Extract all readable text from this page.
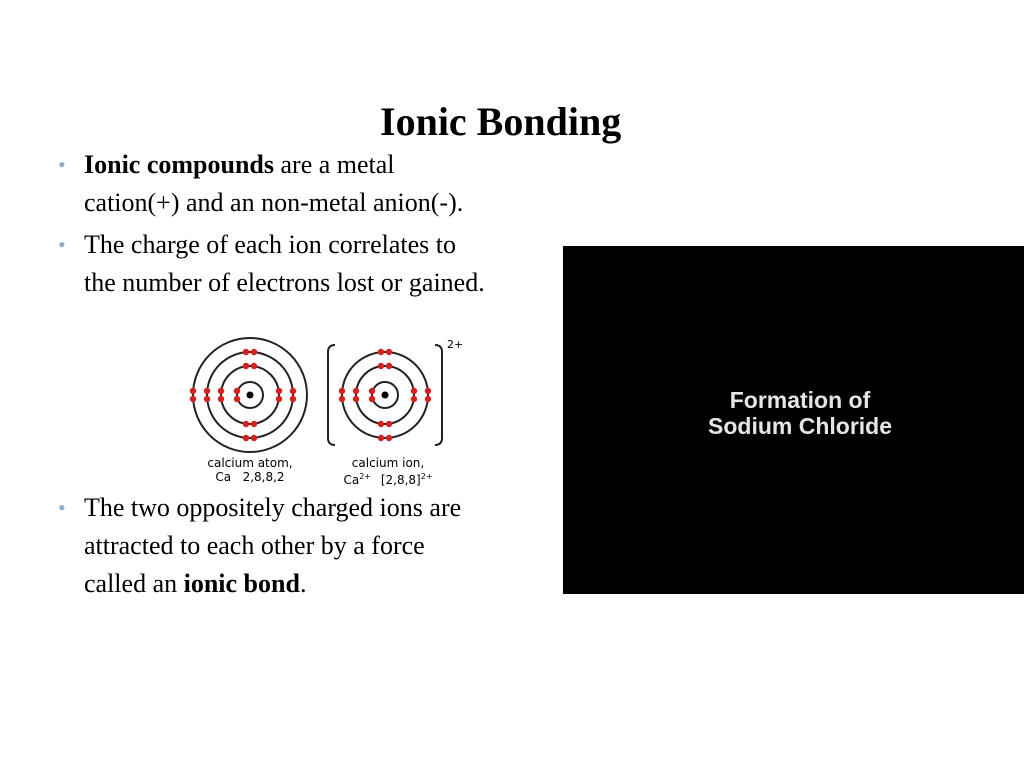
Ionic Bonding
• Ionic compounds are a metal
cation(+) and an non-metal anion(-).
• The charge of each ion correlates to
the number of electrons lost or gained.
2+
calcium atom,
Ca   2,8,8,2
calcium ion,
$Ca^{2+}$ $[2,8,8]^{2+}$
• The two oppositely charged ions are
attracted to each other by a force
called an ionic bond.
Formation of
Sodium Chloride
